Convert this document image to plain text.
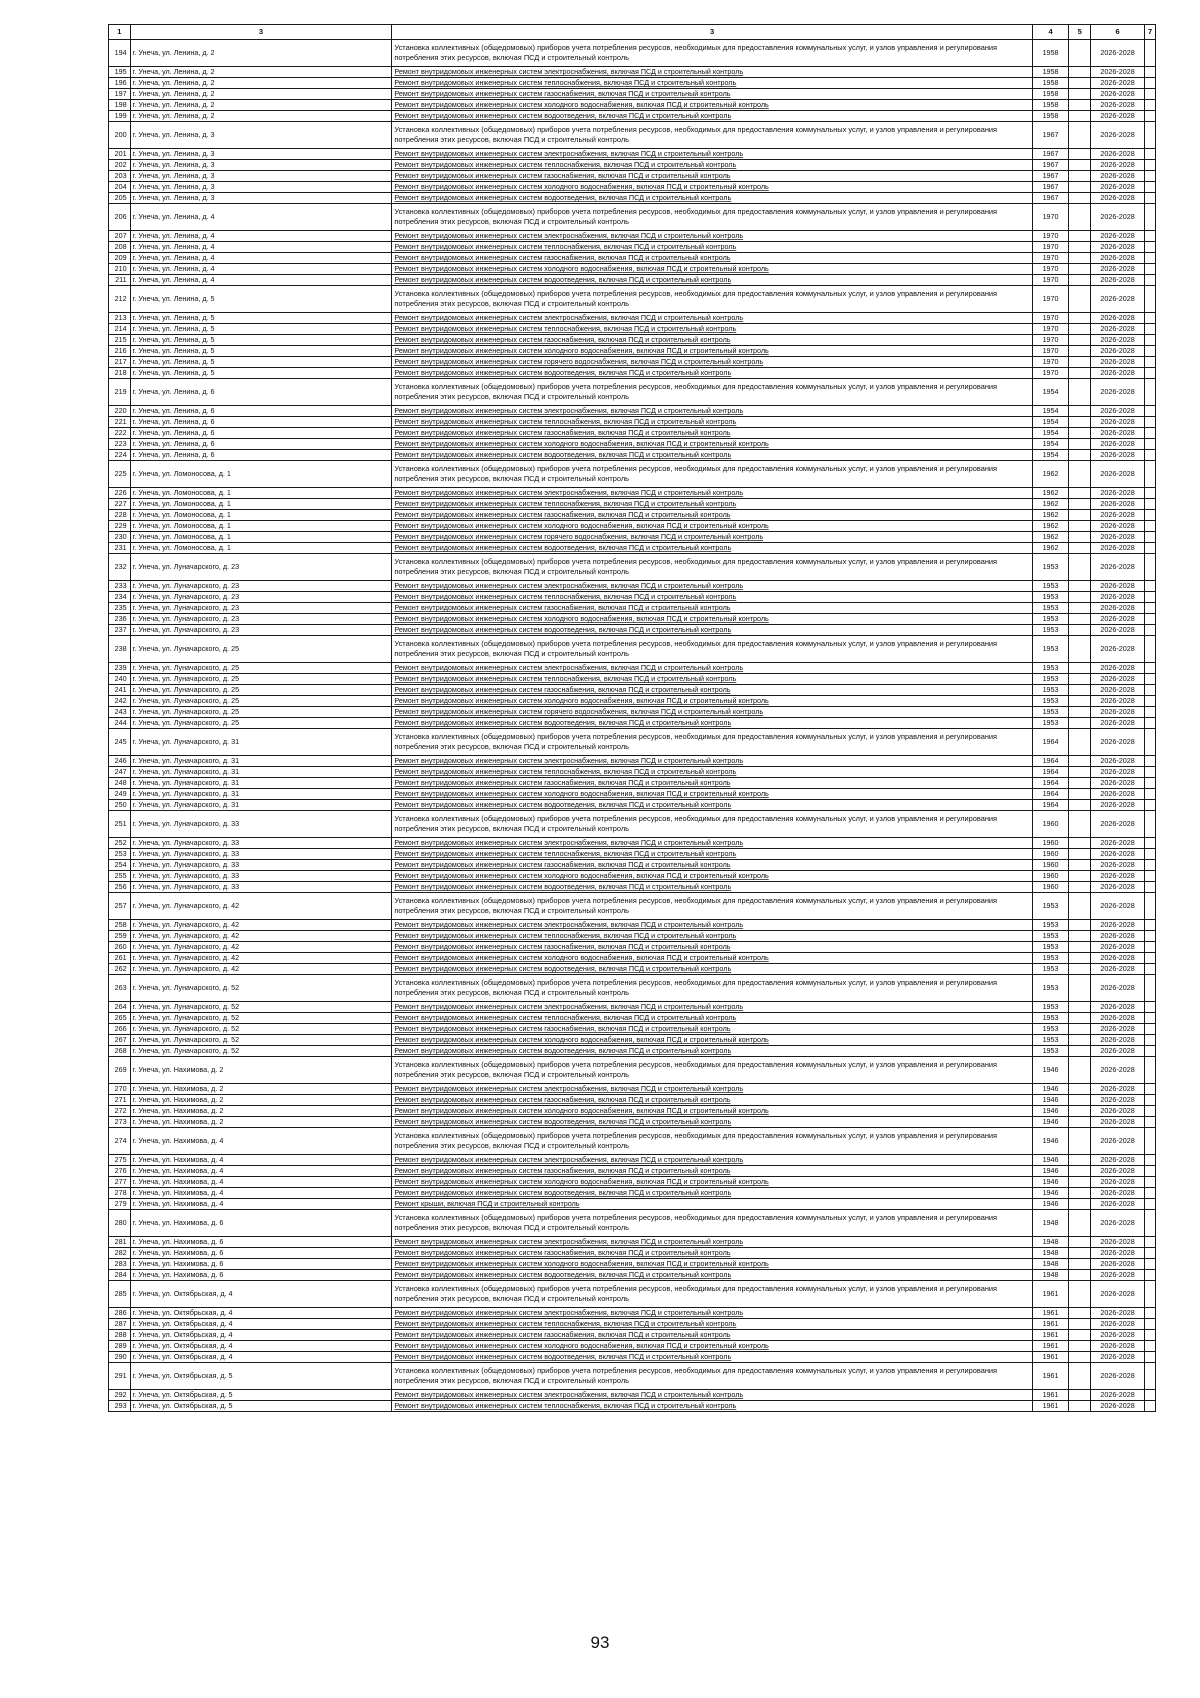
1	3	3	4	5	6	7
194	г. Унеча, ул. Ленина, д. 2	Установка коллективных (общедомовых) приборов учета потребления ресурсов, необходимых для предоставления коммунальных услуг, и узлов управления и регулирования потребления этих ресурсов, включая ПСД и строительный контроль	1958		2026-2028	
195	г. Унеча, ул. Ленина, д. 2	Ремонт внутридомовых инженерных систем электроснабжения, включая ПСД и строительный контроль	1958		2026-2028	
196	г. Унеча, ул. Ленина, д. 2	Ремонт внутридомовых инженерных систем теплоснабжения, включая ПСД и строительный контроль	1958		2026-2028	
197	г. Унеча, ул. Ленина, д. 2	Ремонт внутридомовых инженерных систем газоснабжения, включая ПСД и строительный контроль	1958		2026-2028	
198	г. Унеча, ул. Ленина, д. 2	Ремонт внутридомовых инженерных систем холодного водоснабжения, включая ПСД и строительный контроль	1958		2026-2028	
199	г. Унеча, ул. Ленина, д. 2	Ремонт внутридомовых инженерных систем водоотведения, включая ПСД и строительный контроль	1958		2026-2028	
200	г. Унеча, ул. Ленина, д. 3	Установка коллективных (общедомовых) приборов учета потребления ресурсов, необходимых для предоставления коммунальных услуг, и узлов управления и регулирования потребления этих ресурсов, включая ПСД и строительный контроль	1967		2026-2028	
201	г. Унеча, ул. Ленина, д. 3	Ремонт внутридомовых инженерных систем электроснабжения, включая ПСД и строительный контроль	1967		2026-2028	
202	г. Унеча, ул. Ленина, д. 3	Ремонт внутридомовых инженерных систем теплоснабжения, включая ПСД и строительный контроль	1967		2026-2028	
203	г. Унеча, ул. Ленина, д. 3	Ремонт внутридомовых инженерных систем газоснабжения, включая ПСД и строительный контроль	1967		2026-2028	
204	г. Унеча, ул. Ленина, д. 3	Ремонт внутридомовых инженерных систем холодного водоснабжения, включая ПСД и строительный контроль	1967		2026-2028	
205	г. Унеча, ул. Ленина, д. 3	Ремонт внутридомовых инженерных систем водоотведения, включая ПСД и строительный контроль	1967		2026-2028	
206	г. Унеча, ул. Ленина, д. 4	Установка коллективных (общедомовых) приборов учета потребления ресурсов, необходимых для предоставления коммунальных услуг, и узлов управления и регулирования потребления этих ресурсов, включая ПСД и строительный контроль	1970		2026-2028	
207	г. Унеча, ул. Ленина, д. 4	Ремонт внутридомовых инженерных систем электроснабжения, включая ПСД и строительный контроль	1970		2026-2028	
208	г. Унеча, ул. Ленина, д. 4	Ремонт внутридомовых инженерных систем теплоснабжения, включая ПСД и строительный контроль	1970		2026-2028	
209	г. Унеча, ул. Ленина, д. 4	Ремонт внутридомовых инженерных систем газоснабжения, включая ПСД и строительный контроль	1970		2026-2028	
210	г. Унеча, ул. Ленина, д. 4	Ремонт внутридомовых инженерных систем холодного водоснабжения, включая ПСД и строительный контроль	1970		2026-2028	
211	г. Унеча, ул. Ленина, д. 4	Ремонт внутридомовых инженерных систем водоотведения, включая ПСД и строительный контроль	1970		2026-2028	
212	г. Унеча, ул. Ленина, д. 5	Установка коллективных (общедомовых) приборов учета потребления ресурсов, необходимых для предоставления коммунальных услуг, и узлов управления и регулирования потребления этих ресурсов, включая ПСД и строительный контроль	1970		2026-2028	
213	г. Унеча, ул. Ленина, д. 5	Ремонт внутридомовых инженерных систем электроснабжения, включая ПСД и строительный контроль	1970		2026-2028	
214	г. Унеча, ул. Ленина, д. 5	Ремонт внутридомовых инженерных систем теплоснабжения, включая ПСД и строительный контроль	1970		2026-2028	
215	г. Унеча, ул. Ленина, д. 5	Ремонт внутридомовых инженерных систем газоснабжения, включая ПСД и строительный контроль	1970		2026-2028	
216	г. Унеча, ул. Ленина, д. 5	Ремонт внутридомовых инженерных систем холодного водоснабжения, включая ПСД и строительный контроль	1970		2026-2028	
217	г. Унеча, ул. Ленина, д. 5	Ремонт внутридомовых инженерных систем горячего водоснабжения, включая ПСД и строительный контроль	1970		2026-2028	
218	г. Унеча, ул. Ленина, д. 5	Ремонт внутридомовых инженерных систем водоотведения, включая ПСД и строительный контроль	1970		2026-2028	
219	г. Унеча, ул. Ленина, д. 6	Установка коллективных (общедомовых) приборов учета потребления ресурсов, необходимых для предоставления коммунальных услуг, и узлов управления и регулирования потребления этих ресурсов, включая ПСД и строительный контроль	1954		2026-2028	
220	г. Унеча, ул. Ленина, д. 6	Ремонт внутридомовых инженерных систем электроснабжения, включая ПСД и строительный контроль	1954		2026-2028	
221	г. Унеча, ул. Ленина, д. 6	Ремонт внутридомовых инженерных систем теплоснабжения, включая ПСД и строительный контроль	1954		2026-2028	
222	г. Унеча, ул. Ленина, д. 6	Ремонт внутридомовых инженерных систем газоснабжения, включая ПСД и строительный контроль	1954		2026-2028	
223	г. Унеча, ул. Ленина, д. 6	Ремонт внутридомовых инженерных систем холодного водоснабжения, включая ПСД и строительный контроль	1954		2026-2028	
224	г. Унеча, ул. Ленина, д. 6	Ремонт внутридомовых инженерных систем водоотведения, включая ПСД и строительный контроль	1954		2026-2028	
225	г. Унеча, ул. Ломоносова, д. 1	Установка коллективных (общедомовых) приборов учета потребления ресурсов, необходимых для предоставления коммунальных услуг, и узлов управления и регулирования потребления этих ресурсов, включая ПСД и строительный контроль	1962		2026-2028	
226	г. Унеча, ул. Ломоносова, д. 1	Ремонт внутридомовых инженерных систем электроснабжения, включая ПСД и строительный контроль	1962		2026-2028	
227	г. Унеча, ул. Ломоносова, д. 1	Ремонт внутридомовых инженерных систем теплоснабжения, включая ПСД и строительный контроль	1962		2026-2028	
228	г. Унеча, ул. Ломоносова, д. 1	Ремонт внутридомовых инженерных систем газоснабжения, включая ПСД и строительный контроль	1962		2026-2028	
229	г. Унеча, ул. Ломоносова, д. 1	Ремонт внутридомовых инженерных систем холодного водоснабжения, включая ПСД и строительный контроль	1962		2026-2028	
230	г. Унеча, ул. Ломоносова, д. 1	Ремонт внутридомовых инженерных систем горячего водоснабжения, включая ПСД и строительный контроль	1962		2026-2028	
231	г. Унеча, ул. Ломоносова, д. 1	Ремонт внутридомовых инженерных систем водоотведения, включая ПСД и строительный контроль	1962		2026-2028	
232	г. Унеча, ул. Луначарского, д. 23	Установка коллективных (общедомовых) приборов учета потребления ресурсов, необходимых для предоставления коммунальных услуг, и узлов управления и регулирования потребления этих ресурсов, включая ПСД и строительный контроль	1953		2026-2028	
233	г. Унеча, ул. Луначарского, д. 23	Ремонт внутридомовых инженерных систем электроснабжения, включая ПСД и строительный контроль	1953		2026-2028	
234	г. Унеча, ул. Луначарского, д. 23	Ремонт внутридомовых инженерных систем теплоснабжения, включая ПСД и строительный контроль	1953		2026-2028	
235	г. Унеча, ул. Луначарского, д. 23	Ремонт внутридомовых инженерных систем газоснабжения, включая ПСД и строительный контроль	1953		2026-2028	
236	г. Унеча, ул. Луначарского, д. 23	Ремонт внутридомовых инженерных систем холодного водоснабжения, включая ПСД и строительный контроль	1953		2026-2028	
237	г. Унеча, ул. Луначарского, д. 23	Ремонт внутридомовых инженерных систем водоотведения, включая ПСД и строительный контроль	1953		2026-2028	
238	г. Унеча, ул. Луначарского, д. 25	Установка коллективных (общедомовых) приборов учета потребления ресурсов, необходимых для предоставления коммунальных услуг, и узлов управления и регулирования потребления этих ресурсов, включая ПСД и строительный контроль	1953		2026-2028	
239	г. Унеча, ул. Луначарского, д. 25	Ремонт внутридомовых инженерных систем электроснабжения, включая ПСД и строительный контроль	1953		2026-2028	
240	г. Унеча, ул. Луначарского, д. 25	Ремонт внутридомовых инженерных систем теплоснабжения, включая ПСД и строительный контроль	1953		2026-2028	
241	г. Унеча, ул. Луначарского, д. 25	Ремонт внутридомовых инженерных систем газоснабжения, включая ПСД и строительный контроль	1953		2026-2028	
242	г. Унеча, ул. Луначарского, д. 25	Ремонт внутридомовых инженерных систем холодного водоснабжения, включая ПСД и строительный контроль	1953		2026-2028	
243	г. Унеча, ул. Луначарского, д. 25	Ремонт внутридомовых инженерных систем горячего водоснабжения, включая ПСД и строительный контроль	1953		2026-2028	
244	г. Унеча, ул. Луначарского, д. 25	Ремонт внутридомовых инженерных систем водоотведения, включая ПСД и строительный контроль	1953		2026-2028	
245	г. Унеча, ул. Луначарского, д. 31	Установка коллективных (общедомовых) приборов учета потребления ресурсов, необходимых для предоставления коммунальных услуг, и узлов управления и регулирования потребления этих ресурсов, включая ПСД и строительный контроль	1964		2026-2028	
246	г. Унеча, ул. Луначарского, д. 31	Ремонт внутридомовых инженерных систем электроснабжения, включая ПСД и строительный контроль	1964		2026-2028	
247	г. Унеча, ул. Луначарского, д. 31	Ремонт внутридомовых инженерных систем теплоснабжения, включая ПСД и строительный контроль	1964		2026-2028	
248	г. Унеча, ул. Луначарского, д. 31	Ремонт внутридомовых инженерных систем газоснабжения, включая ПСД и строительный контроль	1964		2026-2028	
249	г. Унеча, ул. Луначарского, д. 31	Ремонт внутридомовых инженерных систем холодного водоснабжения, включая ПСД и строительный контроль	1964		2026-2028	
250	г. Унеча, ул. Луначарского, д. 31	Ремонт внутридомовых инженерных систем водоотведения, включая ПСД и строительный контроль	1964		2026-2028	
251	г. Унеча, ул. Луначарского, д. 33	Установка коллективных (общедомовых) приборов учета потребления ресурсов, необходимых для предоставления коммунальных услуг, и узлов управления и регулирования потребления этих ресурсов, включая ПСД и строительный контроль	1960		2026-2028	
252	г. Унеча, ул. Луначарского, д. 33	Ремонт внутридомовых инженерных систем электроснабжения, включая ПСД и строительный контроль	1960		2026-2028	
253	г. Унеча, ул. Луначарского, д. 33	Ремонт внутридомовых инженерных систем теплоснабжения, включая ПСД и строительный контроль	1960		2026-2028	
254	г. Унеча, ул. Луначарского, д. 33	Ремонт внутридомовых инженерных систем газоснабжения, включая ПСД и строительный контроль	1960		2026-2028	
255	г. Унеча, ул. Луначарского, д. 33	Ремонт внутридомовых инженерных систем холодного водоснабжения, включая ПСД и строительный контроль	1960		2026-2028	
256	г. Унеча, ул. Луначарского, д. 33	Ремонт внутридомовых инженерных систем водоотведения, включая ПСД и строительный контроль	1960		2026-2028	
257	г. Унеча, ул. Луначарского, д. 42	Установка коллективных (общедомовых) приборов учета потребления ресурсов, необходимых для предоставления коммунальных услуг, и узлов управления и регулирования потребления этих ресурсов, включая ПСД и строительный контроль	1953		2026-2028	
258	г. Унеча, ул. Луначарского, д. 42	Ремонт внутридомовых инженерных систем электроснабжения, включая ПСД и строительный контроль	1953		2026-2028	
259	г. Унеча, ул. Луначарского, д. 42	Ремонт внутридомовых инженерных систем теплоснабжения, включая ПСД и строительный контроль	1953		2026-2028	
260	г. Унеча, ул. Луначарского, д. 42	Ремонт внутридомовых инженерных систем газоснабжения, включая ПСД и строительный контроль	1953		2026-2028	
261	г. Унеча, ул. Луначарского, д. 42	Ремонт внутридомовых инженерных систем холодного водоснабжения, включая ПСД и строительный контроль	1953		2026-2028	
262	г. Унеча, ул. Луначарского, д. 42	Ремонт внутридомовых инженерных систем водоотведения, включая ПСД и строительный контроль	1953		2026-2028	
263	г. Унеча, ул. Луначарского, д. 52	Установка коллективных (общедомовых) приборов учета потребления ресурсов, необходимых для предоставления коммунальных услуг, и узлов управления и регулирования потребления этих ресурсов, включая ПСД и строительный контроль	1953		2026-2028	
264	г. Унеча, ул. Луначарского, д. 52	Ремонт внутридомовых инженерных систем электроснабжения, включая ПСД и строительный контроль	1953		2026-2028	
265	г. Унеча, ул. Луначарского, д. 52	Ремонт внутридомовых инженерных систем теплоснабжения, включая ПСД и строительный контроль	1953		2026-2028	
266	г. Унеча, ул. Луначарского, д. 52	Ремонт внутридомовых инженерных систем газоснабжения, включая ПСД и строительный контроль	1953		2026-2028	
267	г. Унеча, ул. Луначарского, д. 52	Ремонт внутридомовых инженерных систем холодного водоснабжения, включая ПСД и строительный контроль	1953		2026-2028	
268	г. Унеча, ул. Луначарского, д. 52	Ремонт внутридомовых инженерных систем водоотведения, включая ПСД и строительный контроль	1953		2026-2028	
269	г. Унеча, ул. Нахимова, д. 2	Установка коллективных (общедомовых) приборов учета потребления ресурсов, необходимых для предоставления коммунальных услуг, и узлов управления и регулирования потребления этих ресурсов, включая ПСД и строительный контроль	1946		2026-2028	
270	г. Унеча, ул. Нахимова, д. 2	Ремонт внутридомовых инженерных систем электроснабжения, включая ПСД и строительный контроль	1946		2026-2028	
271	г. Унеча, ул. Нахимова, д. 2	Ремонт внутридомовых инженерных систем газоснабжения, включая ПСД и строительный контроль	1946		2026-2028	
272	г. Унеча, ул. Нахимова, д. 2	Ремонт внутридомовых инженерных систем холодного водоснабжения, включая ПСД и строительный контроль	1946		2026-2028	
273	г. Унеча, ул. Нахимова, д. 2	Ремонт внутридомовых инженерных систем водоотведения, включая ПСД и строительный контроль	1946		2026-2028	
274	г. Унеча, ул. Нахимова, д. 4	Установка коллективных (общедомовых) приборов учета потребления ресурсов, необходимых для предоставления коммунальных услуг, и узлов управления и регулирования потребления этих ресурсов, включая ПСД и строительный контроль	1946		2026-2028	
275	г. Унеча, ул. Нахимова, д. 4	Ремонт внутридомовых инженерных систем электроснабжения, включая ПСД и строительный контроль	1946		2026-2028	
276	г. Унеча, ул. Нахимова, д. 4	Ремонт внутридомовых инженерных систем газоснабжения, включая ПСД и строительный контроль	1946		2026-2028	
277	г. Унеча, ул. Нахимова, д. 4	Ремонт внутридомовых инженерных систем холодного водоснабжения, включая ПСД и строительный контроль	1946		2026-2028	
278	г. Унеча, ул. Нахимова, д. 4	Ремонт внутридомовых инженерных систем водоотведения, включая ПСД и строительный контроль	1946		2026-2028	
279	г. Унеча, ул. Нахимова, д. 4	Ремонт крыши, включая ПСД и строительный контроль	1946		2026-2028	
280	г. Унеча, ул. Нахимова, д. 6	Установка коллективных (общедомовых) приборов учета потребления ресурсов, необходимых для предоставления коммунальных услуг, и узлов управления и регулирования потребления этих ресурсов, включая ПСД и строительный контроль	1948		2026-2028	
281	г. Унеча, ул. Нахимова, д. 6	Ремонт внутридомовых инженерных систем электроснабжения, включая ПСД и строительный контроль	1948		2026-2028	
282	г. Унеча, ул. Нахимова, д. 6	Ремонт внутридомовых инженерных систем газоснабжения, включая ПСД и строительный контроль	1948		2026-2028	
283	г. Унеча, ул. Нахимова, д. 6	Ремонт внутридомовых инженерных систем холодного водоснабжения, включая ПСД и строительный контроль	1948		2026-2028	
284	г. Унеча, ул. Нахимова, д. 6	Ремонт внутридомовых инженерных систем водоотведения, включая ПСД и строительный контроль	1948		2026-2028	
285	г. Унеча, ул. Октябрьская, д. 4	Установка коллективных (общедомовых) приборов учета потребления ресурсов, необходимых для предоставления коммунальных услуг, и узлов управления и регулирования потребления этих ресурсов, включая ПСД и строительный контроль	1961		2026-2028	
286	г. Унеча, ул. Октябрьская, д. 4	Ремонт внутридомовых инженерных систем электроснабжения, включая ПСД и строительный контроль	1961		2026-2028	
287	г. Унеча, ул. Октябрьская, д. 4	Ремонт внутридомовых инженерных систем теплоснабжения, включая ПСД и строительный контроль	1961		2026-2028	
288	г. Унеча, ул. Октябрьская, д. 4	Ремонт внутридомовых инженерных систем газоснабжения, включая ПСД и строительный контроль	1961		2026-2028	
289	г. Унеча, ул. Октябрьская, д. 4	Ремонт внутридомовых инженерных систем холодного водоснабжения, включая ПСД и строительный контроль	1961		2026-2028	
290	г. Унеча, ул. Октябрьская, д. 4	Ремонт внутридомовых инженерных систем водоотведения, включая ПСД и строительный контроль	1961		2026-2028	
291	г. Унеча, ул. Октябрьская, д. 5	Установка коллективных (общедомовых) приборов учета потребления ресурсов, необходимых для предоставления коммунальных услуг, и узлов управления и регулирования потребления этих ресурсов, включая ПСД и строительный контроль	1961		2026-2028	
292	г. Унеча, ул. Октябрьская, д. 5	Ремонт внутридомовых инженерных систем электроснабжения, включая ПСД и строительный контроль	1961		2026-2028	
293	г. Унеча, ул. Октябрьская, д. 5	Ремонт внутридомовых инженерных систем теплоснабжения, включая ПСД и строительный контроль	1961		2026-2028	
93
